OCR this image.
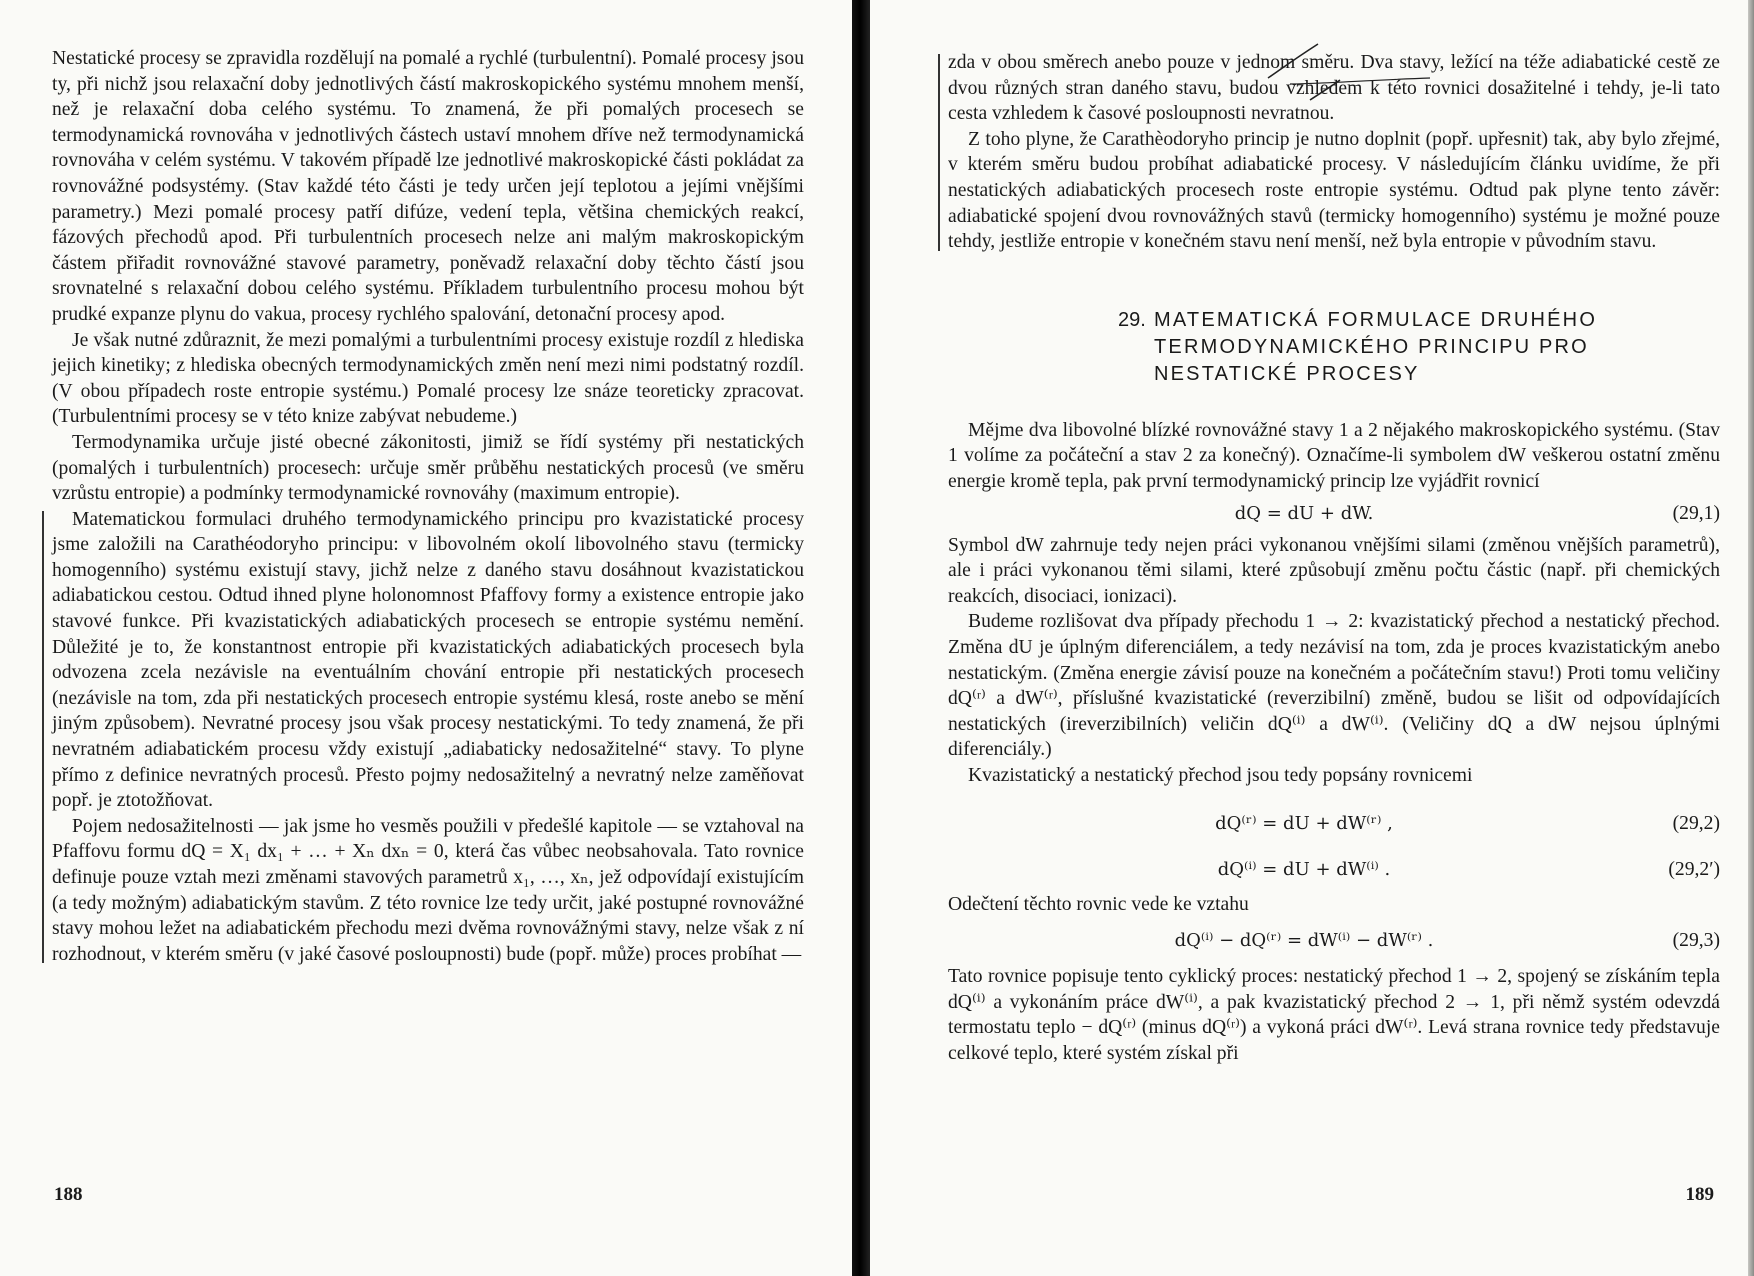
Nestatické procesy se zpravidla rozdělují na pomalé a rychlé (turbulentní). Pomalé procesy jsou ty, při nichž jsou relaxační doby jednotlivých částí makroskopického systému mnohem menší, než je relaxační doba celého systému. To znamená, že při pomalých procesech se termodynamická rovnováha v jednotlivých částech ustaví mnohem dříve než termodynamická rovnováha v celém systému. V takovém případě lze jednotlivé makroskopické části pokládat za rovnovážné podsystémy. (Stav každé této části je tedy určen její teplotou a jejími vnějšími parametry.) Mezi pomalé procesy patří difúze, vedení tepla, většina chemických reakcí, fázových přechodů apod. Při turbulentních procesech nelze ani malým makroskopickým částem přiřadit rovnovážné stavové parametry, poněvadž relaxační doby těchto částí jsou srovnatelné s relaxační dobou celého systému. Příkladem turbulentního procesu mohou být prudké expanze plynu do vakua, procesy rychlého spalování, detonační procesy apod.

Je však nutné zdůraznit, že mezi pomalými a turbulentními procesy existuje rozdíl z hlediska jejich kinetiky; z hlediska obecných termodynamických změn není mezi nimi podstatný rozdíl. (V obou případech roste entropie systému.) Pomalé procesy lze snáze teoreticky zpracovat. (Turbulentními procesy se v této knize zabývat nebudeme.)

Termodynamika určuje jisté obecné zákonitosti, jimiž se řídí systémy při nestatických (pomalých i turbulentních) procesech: určuje směr průběhu nestatických procesů (ve směru vzrůstu entropie) a podmínky termodynamické rovnováhy (maximum entropie).

Matematickou formulaci druhého termodynamického principu pro kvazistatické procesy jsme založili na Carathéodoryho principu: v libovolném okolí libovolného stavu (termicky homogenního) systému existují stavy, jichž nelze z daného stavu dosáhnout kvazistatickou adiabatickou cestou. Odtud ihned plyne holonomnost Pfaffovy formy a existence entropie jako stavové funkce. Při kvazistatických adiabatických procesech se entropie systému nemění. Důležité je to, že konstantnost entropie při kvazistatických adiabatických procesech byla odvozena zcela nezávisle na eventuálním chování entropie při nestatických procesech (nezávisle na tom, zda při nestatických procesech entropie systému klesá, roste anebo se mění jiným způsobem). Nevratné procesy jsou však procesy nestatickými. To tedy znamená, že při nevratném adiabatickém procesu vždy existují „adiabaticky nedosažitelné“ stavy. To plyne přímo z definice nevratných procesů. Přesto pojmy nedosažitelný a nevratný nelze zaměňovat popř. je ztotožňovat.

Pojem nedosažitelnosti — jak jsme ho vesměs použili v předešlé kapitole — se vztahoval na Pfaffovu formu dQ = X₁ dx₁ + … + Xₙ dxₙ = 0, která čas vůbec neobsahovala. Tato rovnice definuje pouze vztah mezi změnami stavových parametrů x₁, …, xₙ, jež odpovídají existujícím (a tedy možným) adiabatickým stavům. Z této rovnice lze tedy určit, jaké postupné rovnovážné stavy mohou ležet na adiabatickém přechodu mezi dvěma rovnovážnými stavy, nelze však z ní rozhodnout, v kterém směru (v jaké časové posloupnosti) bude (popř. může) proces probíhat —

188

zda v obou směrech anebo pouze v jednom směru. Dva stavy, ležící na téže adiabatické cestě ze dvou různých stran daného stavu, budou vzhledem k této rovnici dosažitelné i tehdy, je-li tato cesta vzhledem k časové posloupnosti nevratnou.

Z toho plyne, že Carathèodoryho princip je nutno doplnit (popř. upřesnit) tak, aby bylo zřejmé, v kterém směru budou probíhat adiabatické procesy. V následujícím článku uvidíme, že při nestatických adiabatických procesech roste entropie systému. Odtud pak plyne tento závěr: adiabatické spojení dvou rovnovážných stavů (termicky homogenního) systému je možné pouze tehdy, jestliže entropie v konečném stavu není menší, než byla entropie v původním stavu.

29. MATEMATICKÁ FORMULACE DRUHÉHO
TERMODYNAMICKÉHO PRINCIPU PRO
NESTATICKÉ PROCESY

Mějme dva libovolné blízké rovnovážné stavy 1 a 2 nějakého makroskopického systému. (Stav 1 volíme za počáteční a stav 2 za konečný). Označíme-li symbolem dW veškerou ostatní změnu energie kromě tepla, pak první termodynamický princip lze vyjádřit rovnicí

dQ = dU + dW.	(29,1)

Symbol dW zahrnuje tedy nejen práci vykonanou vnějšími silami (změnou vnějších parametrů), ale i práci vykonanou těmi silami, které způsobují změnu počtu částic (např. při chemických reakcích, disociaci, ionizaci).

Budeme rozlišovat dva případy přechodu 1 → 2: kvazistatický přechod a nestatický přechod. Změna dU je úplným diferenciálem, a tedy nezávisí na tom, zda je proces kvazistatickým anebo nestatickým. (Změna energie závisí pouze na konečném a počátečním stavu!) Proti tomu veličiny dQ⁽ʳ⁾ a dW⁽ʳ⁾, příslušné kvazistatické (reverzibilní) změně, budou se lišit od odpovídajících nestatických (ireverzibilních) veličin dQ⁽ⁱ⁾ a dW⁽ⁱ⁾. (Veličiny dQ a dW nejsou úplnými diferenciály.)

Kvazistatický a nestatický přechod jsou tedy popsány rovnicemi

dQ⁽ʳ⁾ = dU + dW⁽ʳ⁾ ,	(29,2)
dQ⁽ⁱ⁾ = dU + dW⁽ⁱ⁾ .	(29,2′)

Odečtení těchto rovnic vede ke vztahu

dQ⁽ⁱ⁾ − dQ⁽ʳ⁾ = dW⁽ⁱ⁾ − dW⁽ʳ⁾ .	(29,3)

Tato rovnice popisuje tento cyklický proces: nestatický přechod 1 → 2, spojený se získáním tepla dQ⁽ⁱ⁾ a vykonáním práce dW⁽ⁱ⁾, a pak kvazistatický přechod 2 → 1, při němž systém odevzdá termostatu teplo − dQ⁽ʳ⁾ (minus dQ⁽ʳ⁾) a vykoná práci dW⁽ʳ⁾. Levá strana rovnice tedy představuje celkové teplo, které systém získal při

189
